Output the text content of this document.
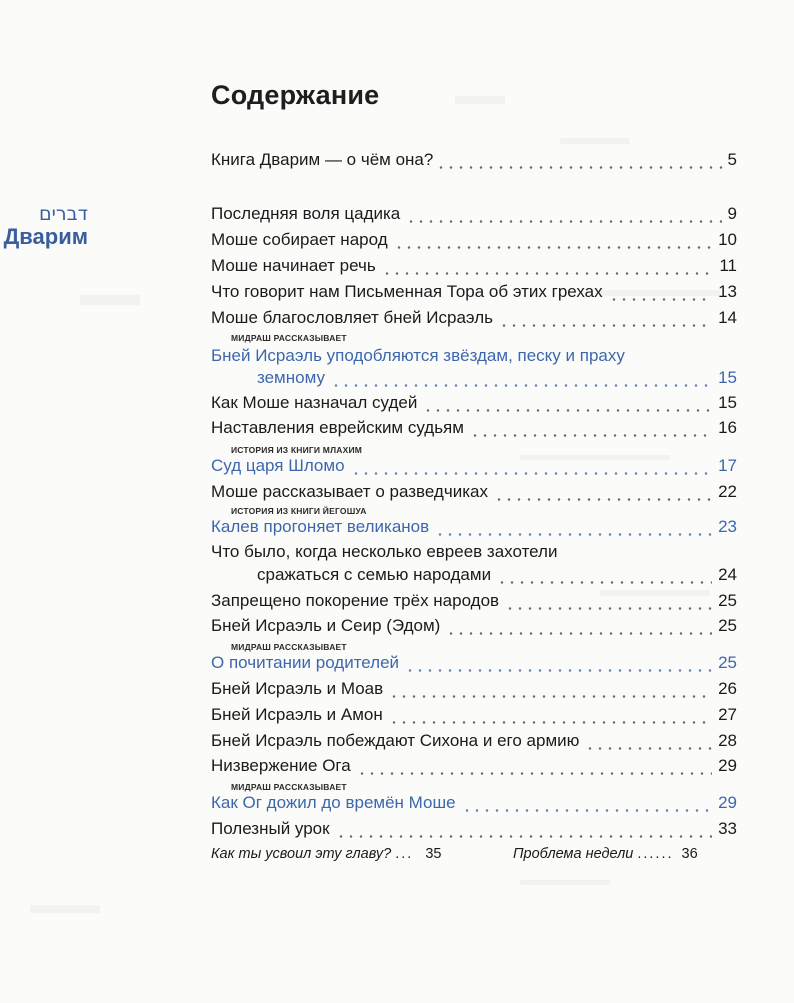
Содержание
דברים
Дварим
Книга Дварим — о чём она?	5
Последняя воля цадика	9
Моше собирает народ	10
Моше начинает речь	11
Что говорит нам Письменная Тора об этих грехах	13
Моше благословляет бней Исраэль	14
МИДРАШ РАССКАЗЫВАЕТ
Бней Исраэль уподобляются звёздам, песку и праху
земному	15
Как Моше назначал судей	15
Наставления еврейским судьям	16
ИСТОРИЯ ИЗ КНИГИ МЛАХИМ
Суд царя Шломо	17
Моше рассказывает о разведчиках	22
ИСТОРИЯ ИЗ КНИГИ ЙЕГОШУА
Калев прогоняет великанов	23
Что было, когда несколько евреев захотели
сражаться с семью народами	24
Запрещено покорение трёх народов	25
Бней Исраэль и Сеир (Эдом)	25
МИДРАШ РАССКАЗЫВАЕТ
О почитании родителей	25
Бней Исраэль и Моав	26
Бней Исраэль и Амон	27
Бней Исраэль побеждают Сихона и его армию	28
Низвержение Ога	29
МИДРАШ РАССКАЗЫВАЕТ
Как Ог дожил до времён Моше	29
Полезный урок	33
Как ты усвоил эту главу? ... 35	Проблема недели ...... 36
